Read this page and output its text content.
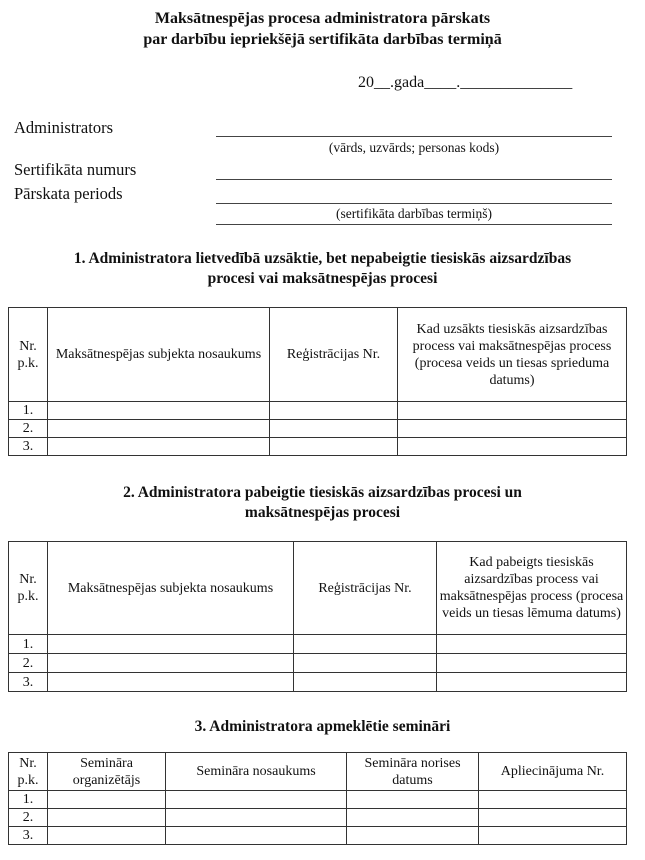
Maksātnespējas procesa administratora pārskats
par darbību iepriekšējā sertifikāta darbības termiņā
20__.gada____.______________
Administrators
(vārds, uzvārds; personas kods)
Sertifikāta numurs
Pārskata periods
(sertifikāta darbības termiņš)
1. Administratora lietvedībā uzsāktie, bet nepabeigtie tiesiskās aizsardzības
procesi vai maksātnespējas procesi
Nr. p.k.	Maksātnespējas subjekta nosaukums	Reģistrācijas Nr.	Kad uzsākts tiesiskās aizsardzības process vai maksātnespējas process (procesa veids un tiesas sprieduma datums)
1.			
2.			
3.			
2. Administratora pabeigtie tiesiskās aizsardzības procesi un
maksātnespējas procesi
Nr. p.k.	Maksātnespējas subjekta nosaukums	Reģistrācijas Nr.	Kad pabeigts tiesiskās aizsardzības process vai maksātnespējas process (procesa veids un tiesas lēmuma datums)
1.			
2.			
3.			
3. Administratora apmeklētie semināri
Nr. p.k.	Semināra organizētājs	Semināra nosaukums	Semināra norises datums	Apliecinājuma Nr.
1.				
2.				
3.				
